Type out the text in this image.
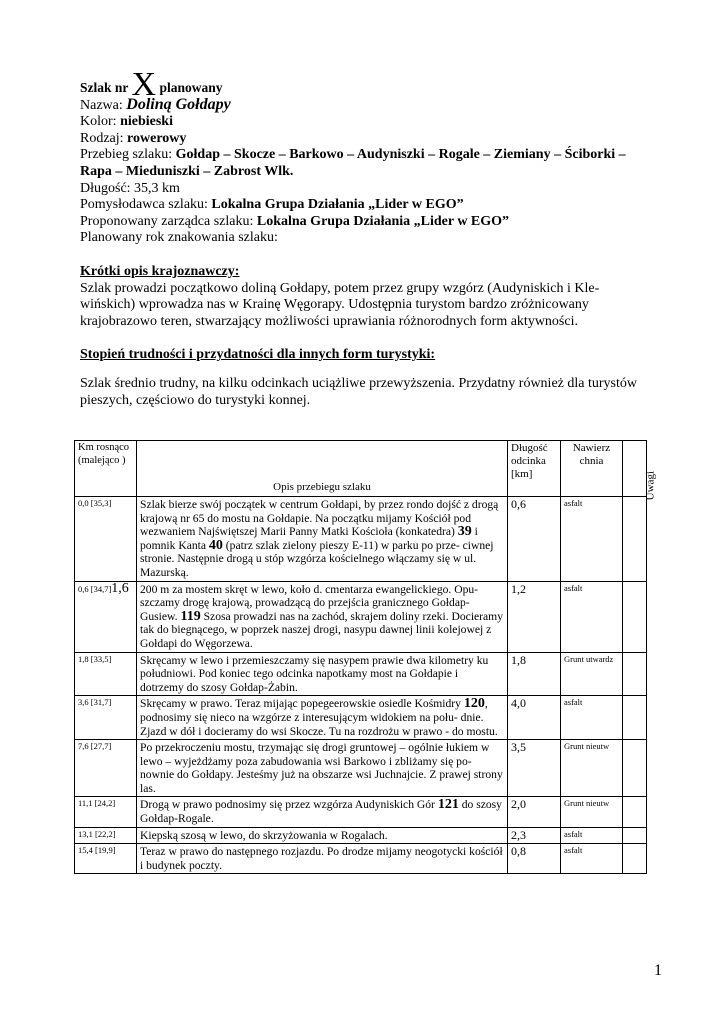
Szlak nr X planowany
Nazwa: Doliną Gołdapy
Kolor: niebieski
Rodzaj: rowerowy
Przebieg szlaku: Gołdap – Skocze – Barkowo – Audyniszki – Rogale – Ziemiany – Ściborki –
Rapa – Mieduniszki – Zabrost Wlk.
Długość: 35,3 km
Pomysłodawca szlaku: Lokalna Grupa Działania „Lider w EGO”
Proponowany zarządca szlaku: Lokalna Grupa Działania „Lider w EGO”
Planowany rok znakowania szlaku:
Krótki opis krajoznawczy:
Szlak prowadzi początkowo doliną Gołdapy, potem przez grupy wzgórz (Audyniskich i Kle-
wińskich) wprowadza nas w Krainę Węgorapy. Udostępnia turystom bardzo zróżnicowany
krajobrazowo teren, stwarzający możliwości uprawiania różnorodnych form aktywności.
Stopień trudności i przydatności dla innych form turystyki:
Szlak średnio trudny, na kilku odcinkach uciążliwe przewyższenia. Przydatny również dla turystów
pieszych, częściowo do turystyki konnej.
Km rosnąco (malejąco )	Opis przebiegu szlaku	Długość odcinka [km]	Nawierz chnia	Uwagi

0,0 [35,3]	Szlak bierze swój początek w centrum Gołdapi, by przez rondo dojść z drogą krajową nr 65 do mostu na Gołdapie. Na początku mijamy Kościół pod wezwaniem Najświętszej Marii Panny Matki Kościoła (konkatedra) 39 i pomnik Kanta 40 (patrz szlak zielony pieszy E-11) w parku po prze- ciwnej stronie. Następnie drogą u stóp wzgórza kościelnego włączamy się w ul. Mazurską.	0,6	asfalt	
0,6 [34,7]1,6	200 m za mostem skręt w lewo, koło d. cmentarza ewangelickiego. Opu- szczamy drogę krajową, prowadzącą do przejścia granicznego Gołdap- Gusiew. 119 Szosa prowadzi nas na zachód, skrajem doliny rzeki. Docieramy tak do biegnącego, w poprzek naszej drogi, nasypu dawnej linii kolejowej z Gołdapi do Węgorzewa.	1,2	asfalt	
1,8 [33,5]	Skręcamy w lewo i przemieszczamy się nasypem prawie dwa kilometry ku południowi. Pod koniec tego odcinka napotkamy most na Gołdapie i dotrzemy do szosy Gołdap-Żabin.	1,8	Grunt utwardz	
3,6 [31,7]	Skręcamy w prawo. Teraz mijając popegeerowskie osiedle Kośmidry 120, podnosimy się nieco na wzgórze z interesującym widokiem na połu- dnie. Zjazd w dół i docieramy do wsi Skocze. Tu na rozdrożu w prawo - do mostu.	4,0	asfalt	
7,6 [27,7]	Po przekroczeniu mostu, trzymając się drogi gruntowej – ogólnie łukiem w lewo – wyjeżdżamy poza zabudowania wsi Barkowo i zbliżamy się po- nownie do Gołdapy. Jesteśmy już na obszarze wsi Juchnajcie. Z prawej strony las.	3,5	Grunt nieutw	
11,1 [24,2]	Drogą w prawo podnosimy się przez wzgórza Audyniskich Gór 121 do szosy Gołdap-Rogale.	2,0	Grunt nieutw	
13,1 [22,2]	Kiepską szosą w lewo, do skrzyżowania w Rogalach.	2,3	asfalt	
15,4 [19,9]	Teraz w prawo do następnego rozjazdu. Po drodze mijamy neogotycki kościół i budynek poczty.	0,8	asfalt	
1
